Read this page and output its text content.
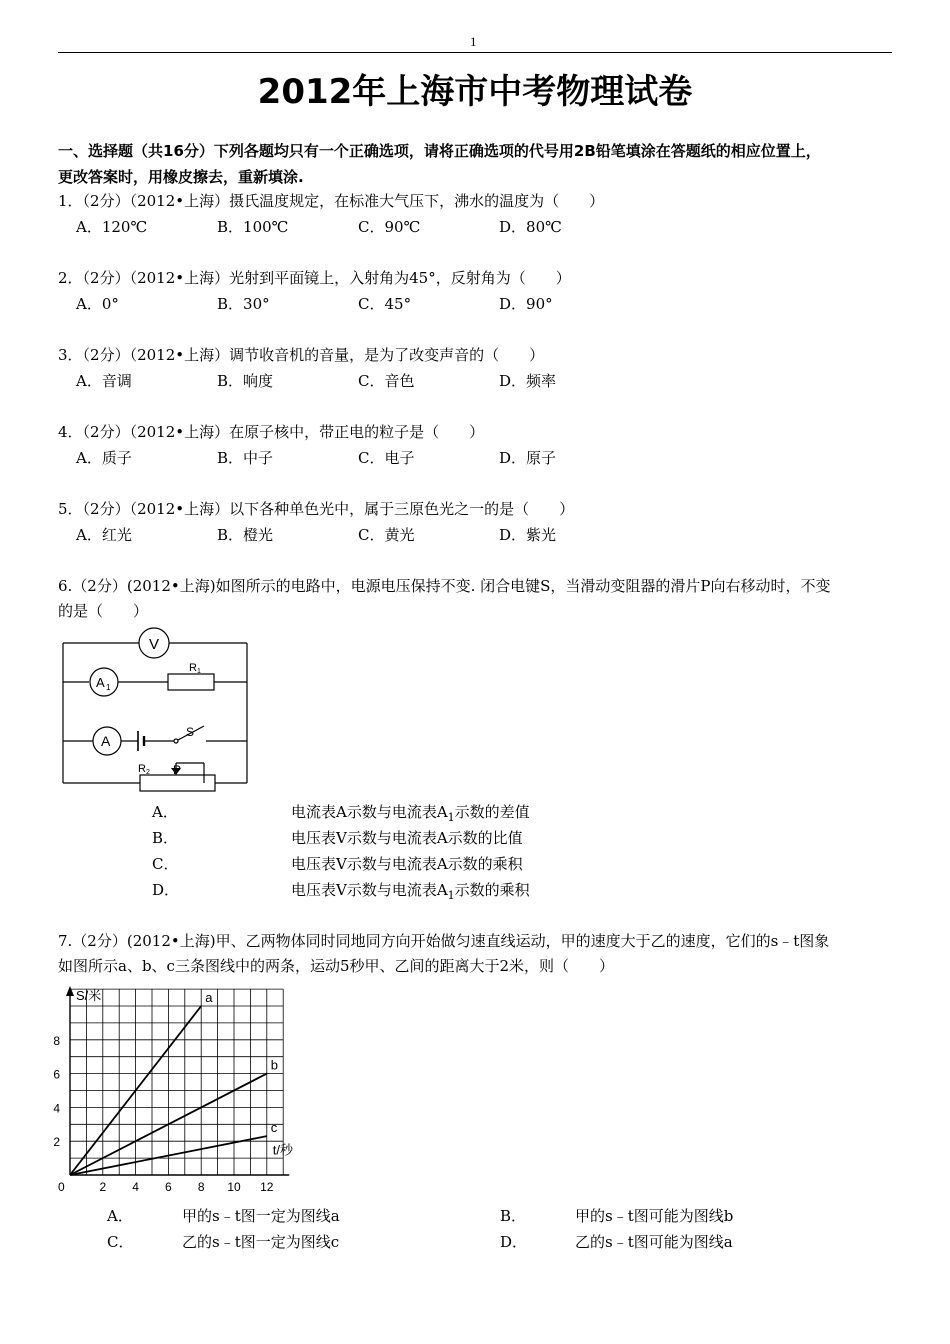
1
2012年上海市中考物理试卷
一、选择题（共16分）下列各题均只有一个正确选项，请将正确选项的代号用2B铅笔填涂在答题纸的相应位置上，
更改答案时，用橡皮擦去，重新填涂.
1．（2分）（2012•上海）摄氏温度规定，在标准大气压下，沸水的温度为（　　）
A．120℃	B．100℃	C．90℃	D．80℃
2．（2分）（2012•上海）光射到平面镜上，入射角为45°，反射角为（　　）
A．0°	B．30°	C．45°	D．90°
3．（2分）（2012•上海）调节收音机的音量，是为了改变声音的（　　）
A．音调	B．响度	C．音色	D．频率
4．（2分）（2012•上海）在原子核中，带正电的粒子是（　　）
A．质子	B．中子	C．电子	D．原子
5．（2分）（2012•上海）以下各种单色光中，属于三原色光之一的是（　　）
A．红光	B．橙光	C．黄光	D．紫光
6.（2分）(2012•上海)如图所示的电路中，电源电压保持不变. 闭合电键S，当滑动变阻器的滑片P向右移动时，不变
的是（　　）
V
A 1
A
R 1
R 2 P
S
A．	电流表A示数与电流表$A_1$示数的差值
B．	电压表V示数与电流表A示数的比值
C．	电压表V示数与电流表A示数的乘积
D．	电压表V示数与电流表$A_1$示数的乘积
7.（2分）(2012•上海)甲、乙两物体同时同地同方向开始做匀速直线运动，甲的速度大于乙的速度，它们的s﹣t图象
如图所示a、b、c三条图线中的两条，运动5秒甲、乙间的距离大于2米，则（　　）
S/米
t/秒
0	2 4 6 8 10 12
2
4
6
8
a
b
c
A．	甲的s﹣t图一定为图线a	B．	甲的s﹣t图可能为图线b
C．	乙的s﹣t图一定为图线c	D．	乙的s﹣t图可能为图线a
